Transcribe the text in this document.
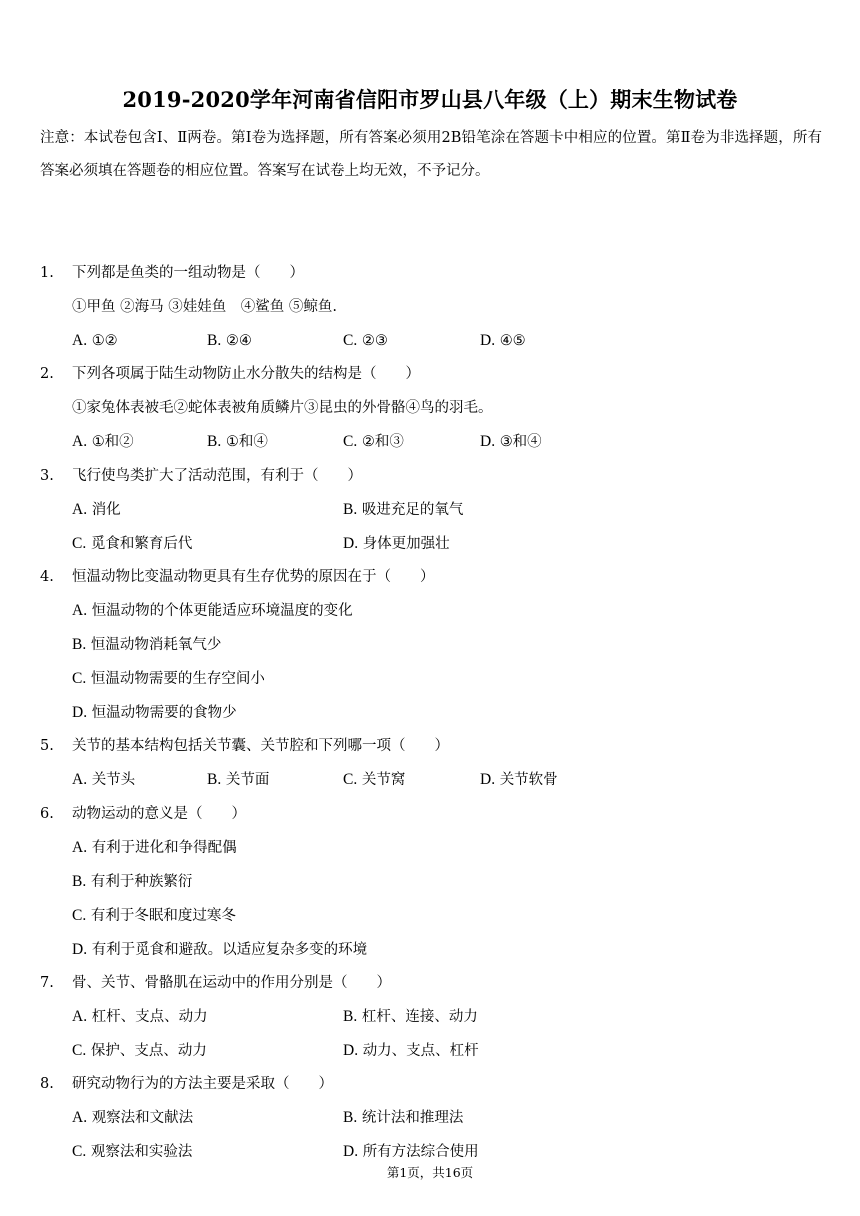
2019-2020学年河南省信阳市罗山县八年级（上）期末生物试卷
注意：本试卷包含Ⅰ、Ⅱ两卷。第Ⅰ卷为选择题，所有答案必须用2B铅笔涂在答题卡中相应的位置。第Ⅱ卷为非选择题，所有答案必须填在答题卷的相应位置。答案写在试卷上均无效，不予记分。
1.	下列都是鱼类的一组动物是（　　）
①甲鱼 ②海马 ③娃娃鱼　④鲨鱼 ⑤鲸鱼.
A. ①②	B. ②④	C. ②③	D. ④⑤
2.	下列各项属于陆生动物防止水分散失的结构是（　　）
①家兔体表被毛②蛇体表被角质鳞片③昆虫的外骨骼④鸟的羽毛。
A. ①和②	B. ①和④	C. ②和③	D. ③和④
3.	飞行使鸟类扩大了活动范围，有利于（　　）
A. 消化	B. 吸进充足的氧气
C. 觅食和繁育后代	D. 身体更加强壮
4.	恒温动物比变温动物更具有生存优势的原因在于（　　）
A. 恒温动物的个体更能适应环境温度的变化
B. 恒温动物消耗氧气少
C. 恒温动物需要的生存空间小
D. 恒温动物需要的食物少
5.	关节的基本结构包括关节囊、关节腔和下列哪一项（　　）
A. 关节头	B. 关节面	C. 关节窝	D. 关节软骨
6.	动物运动的意义是（　　）
A. 有利于进化和争得配偶
B. 有利于种族繁衍
C. 有利于冬眠和度过寒冬
D. 有利于觅食和避敌。以适应复杂多变的环境
7.	骨、关节、骨骼肌在运动中的作用分别是（　　）
A. 杠杆、支点、动力	B. 杠杆、连接、动力
C. 保护、支点、动力	D. 动力、支点、杠杆
8.	研究动物行为的方法主要是采取（　　）
A. 观察法和文献法	B. 统计法和推理法
C. 观察法和实验法	D. 所有方法综合使用
第1页，共16页
